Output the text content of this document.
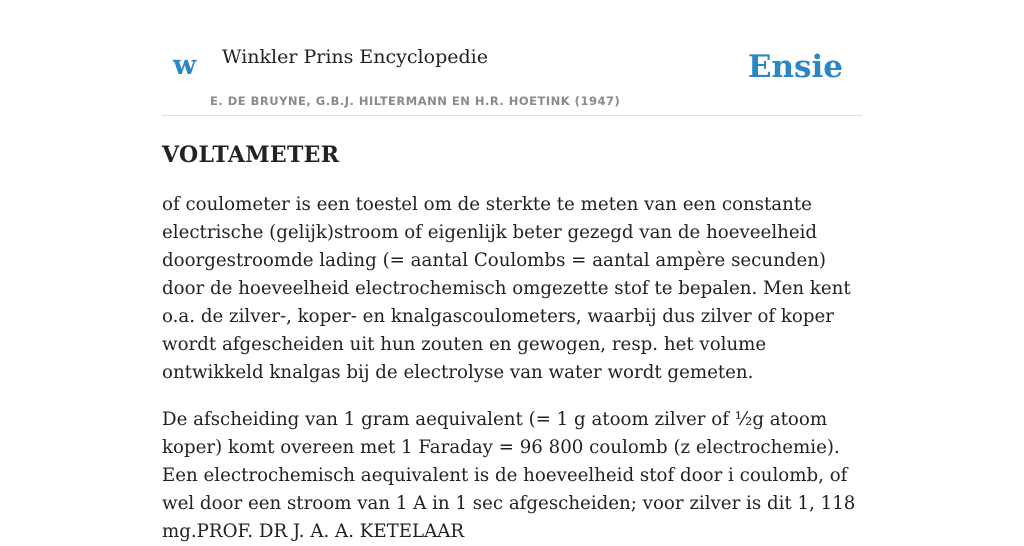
w Winkler Prins Encyclopedie
E. DE BRUYNE, G.B.J. HILTERMANN EN H.R. HOETINK (1947)
Ensie
VOLTAMETER

of coulometer is een toestel om de sterkte te meten van een constante electrische (gelijk)stroom of eigenlijk beter gezegd van de hoeveelheid doorgestroomde lading (= aantal Coulombs = aantal ampère secunden) door de hoeveelheid electrochemisch omgezette stof te bepalen. Men kent o.a. de zilver-, koper- en knalgascoulometers, waarbij dus zilver of koper wordt afgescheiden uit hun zouten en gewogen, resp. het volume ontwikkeld knalgas bij de electrolyse van water wordt gemeten.

De afscheiding van 1 gram aequivalent (= 1 g atoom zilver of ½g atoom koper) komt overeen met 1 Faraday = 96 800 coulomb (z electrochemie). Een electrochemisch aequivalent is de hoeveelheid stof door i coulomb, of wel door een stroom van 1 A in 1 sec afgescheiden; voor zilver is dit 1, 118 mg.PROF. DR J. A. A. KETELAAR
